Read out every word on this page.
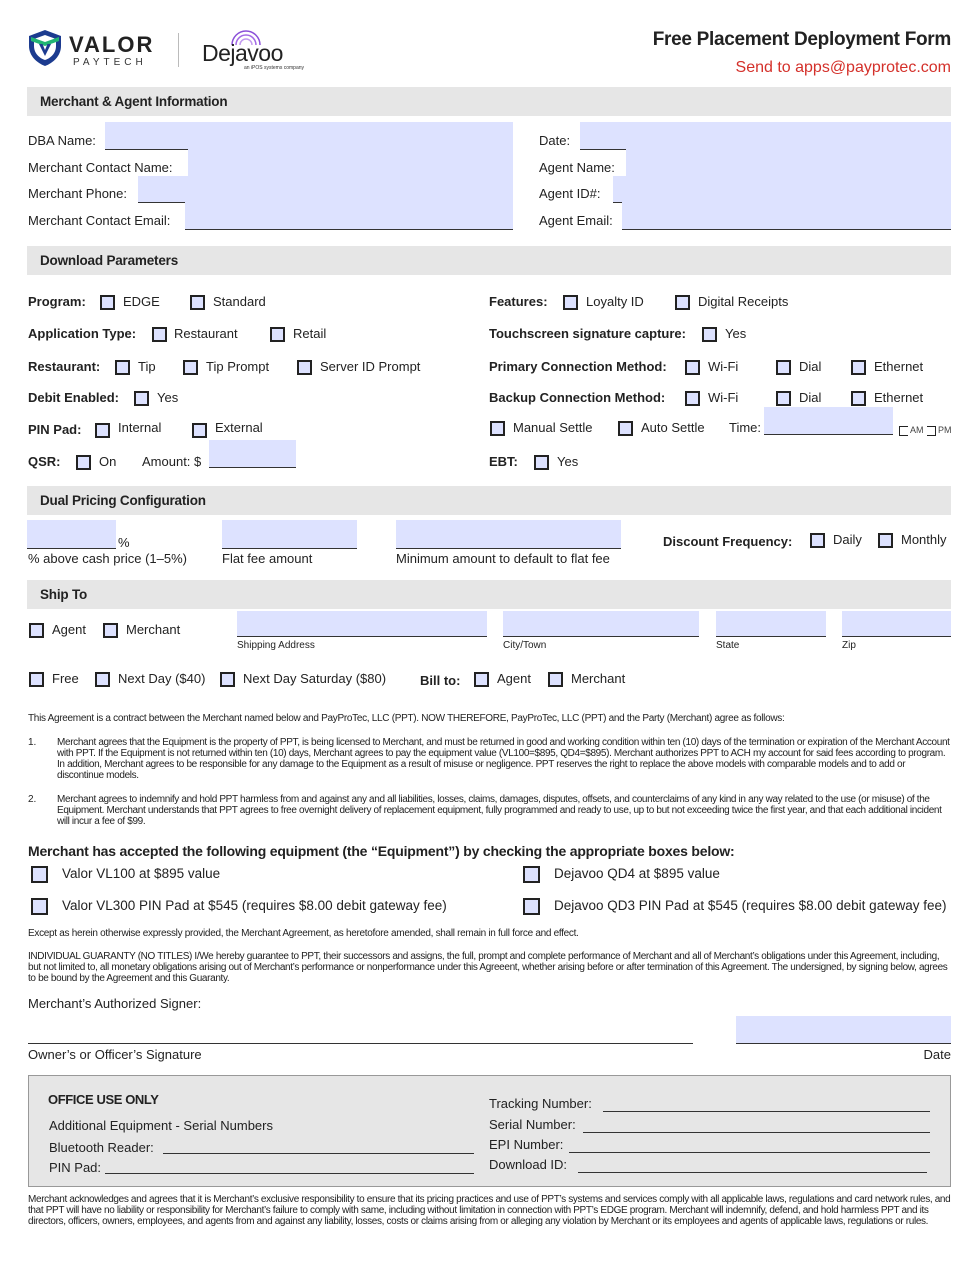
VALOR
PAYTECH Dejavoo
an iPOS systems company
Free Placement Deployment Form
Send to apps@payprotec.com
Merchant & Agent Information
DBA Name:
Merchant Contact Name:
Merchant Phone:
Merchant Contact Email:
Date:
Agent Name:
Agent ID#:
Agent Email:
Download Parameters
Program:	EDGE	Standard
Application Type:	Restaurant	Retail
Restaurant:	Tip	Tip Prompt	Server ID Prompt
Debit Enabled:	Yes
PIN Pad:	Internal	External
QSR:	On Amount: $
Features:	Loyalty ID	Digital Receipts
Touchscreen signature capture:	Yes
Primary Connection Method:	Wi-Fi	Dial	Ethernet
Backup Connection Method:	Wi-Fi	Dial	Ethernet
Manual Settle	Auto Settle Time:	AM PM
EBT:	Yes
Dual Pricing Configuration
%
% above cash price (1–5%)	Flat fee amount	Minimum amount to default to flat fee
Discount Frequency:	Daily	Monthly
Ship To
Agent	Merchant
Shipping Address	City/Town	State	Zip
Free	Next Day ($40)	Next Day Saturday ($80)	Bill to:	Agent	Merchant
This Agreement is a contract between the Merchant named below and PayProTec, LLC (PPT). NOW THEREFORE, PayProTec, LLC (PPT) and the Party (Merchant) agree as follows:
1. Merchant agrees that the Equipment is the property of PPT, is being licensed to Merchant, and must be returned in good and working condition within ten (10) days of the termination or expiration of the Merchant Account with PPT. If the Equipment is not returned within ten (10) days, Merchant agrees to pay the equipment value (VL100=$895, QD4=$895). Merchant authorizes PPT to ACH my account for said fees according to program. In addition, Merchant agrees to be responsible for any damage to the Equipment as a result of misuse or negligence. PPT reserves the right to replace the above models with comparable models and to add or discontinue models.
2. Merchant agrees to indemnify and hold PPT harmless from and against any and all liabilities, losses, claims, damages, disputes, offsets, and counterclaims of any kind in any way related to the use (or misuse) of the Equipment. Merchant understands that PPT agrees to free overnight delivery of replacement equipment, fully programmed and ready to use, up to but not exceeding twice the first year, and that each additional incident will incur a fee of $99.
Merchant has accepted the following equipment (the “Equipment”) by checking the appropriate boxes below:
Valor VL100 at $895 value
Valor VL300 PIN Pad at $545 (requires $8.00 debit gateway fee)
Dejavoo QD4 at $895 value
Dejavoo QD3 PIN Pad at $545 (requires $8.00 debit gateway fee)
Except as herein otherwise expressly provided, the Merchant Agreement, as heretofore amended, shall remain in full force and effect.
INDIVIDUAL GUARANTY (NO TITLES) I/We hereby guarantee to PPT, their successors and assigns, the full, prompt and complete performance of Merchant and all of Merchant’s obligations under this Agreement, including, but not limited to, all monetary obligations arising out of Merchant’s performance or nonperformance under this Agreeent, whether arising before or after termination of this Agreement. The undersigned, by signing below, agrees to be bound by the Agreement and this Guaranty.
Merchant’s Authorized Signer:
Owner’s or Officer’s Signature	Date
OFFICE USE ONLY
Additional Equipment - Serial Numbers
Bluetooth Reader:
PIN Pad:
Tracking Number:
Serial Number:
EPI Number:
Download ID:
Merchant acknowledges and agrees that it is Merchant’s exclusive responsibility to ensure that its pricing practices and use of PPT’s systems and services comply with all applicable laws, regulations and card network rules, and that PPT will have no liability or responsibility for Merchant’s failure to comply with same, including without limitation in connection with PPT’s EDGE program. Merchant will indemnify, defend, and hold harmless PPT and its directors, officers, owners, employees, and agents from and against any liability, losses, costs or claims arising from or alleging any violation by Merchant or its employees and agents of applicable laws, regulations or rules.
